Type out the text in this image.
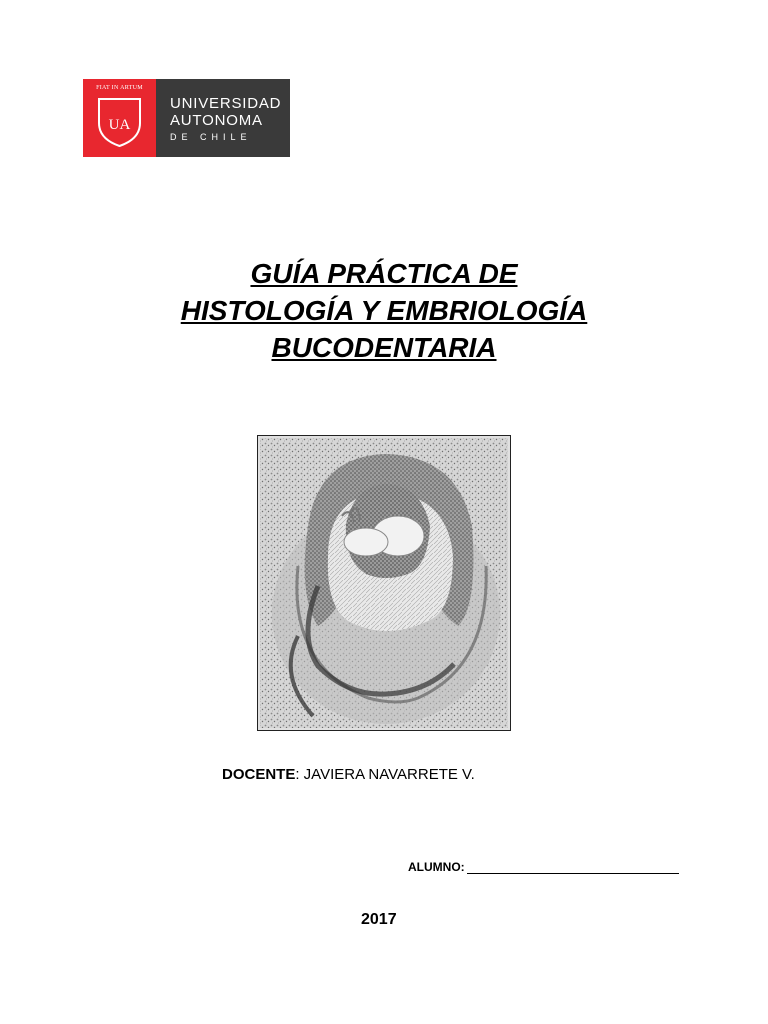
FIAT IN ARTUM
UA
UNIVERSIDAD
AUTONOMA
DE CHILE
GUÍA PRÁCTICA DE
HISTOLOGÍA Y EMBRIOLOGÍA
BUCODENTARIA
DOCENTE: JAVIERA NAVARRETE V.
ALUMNO:
2017
